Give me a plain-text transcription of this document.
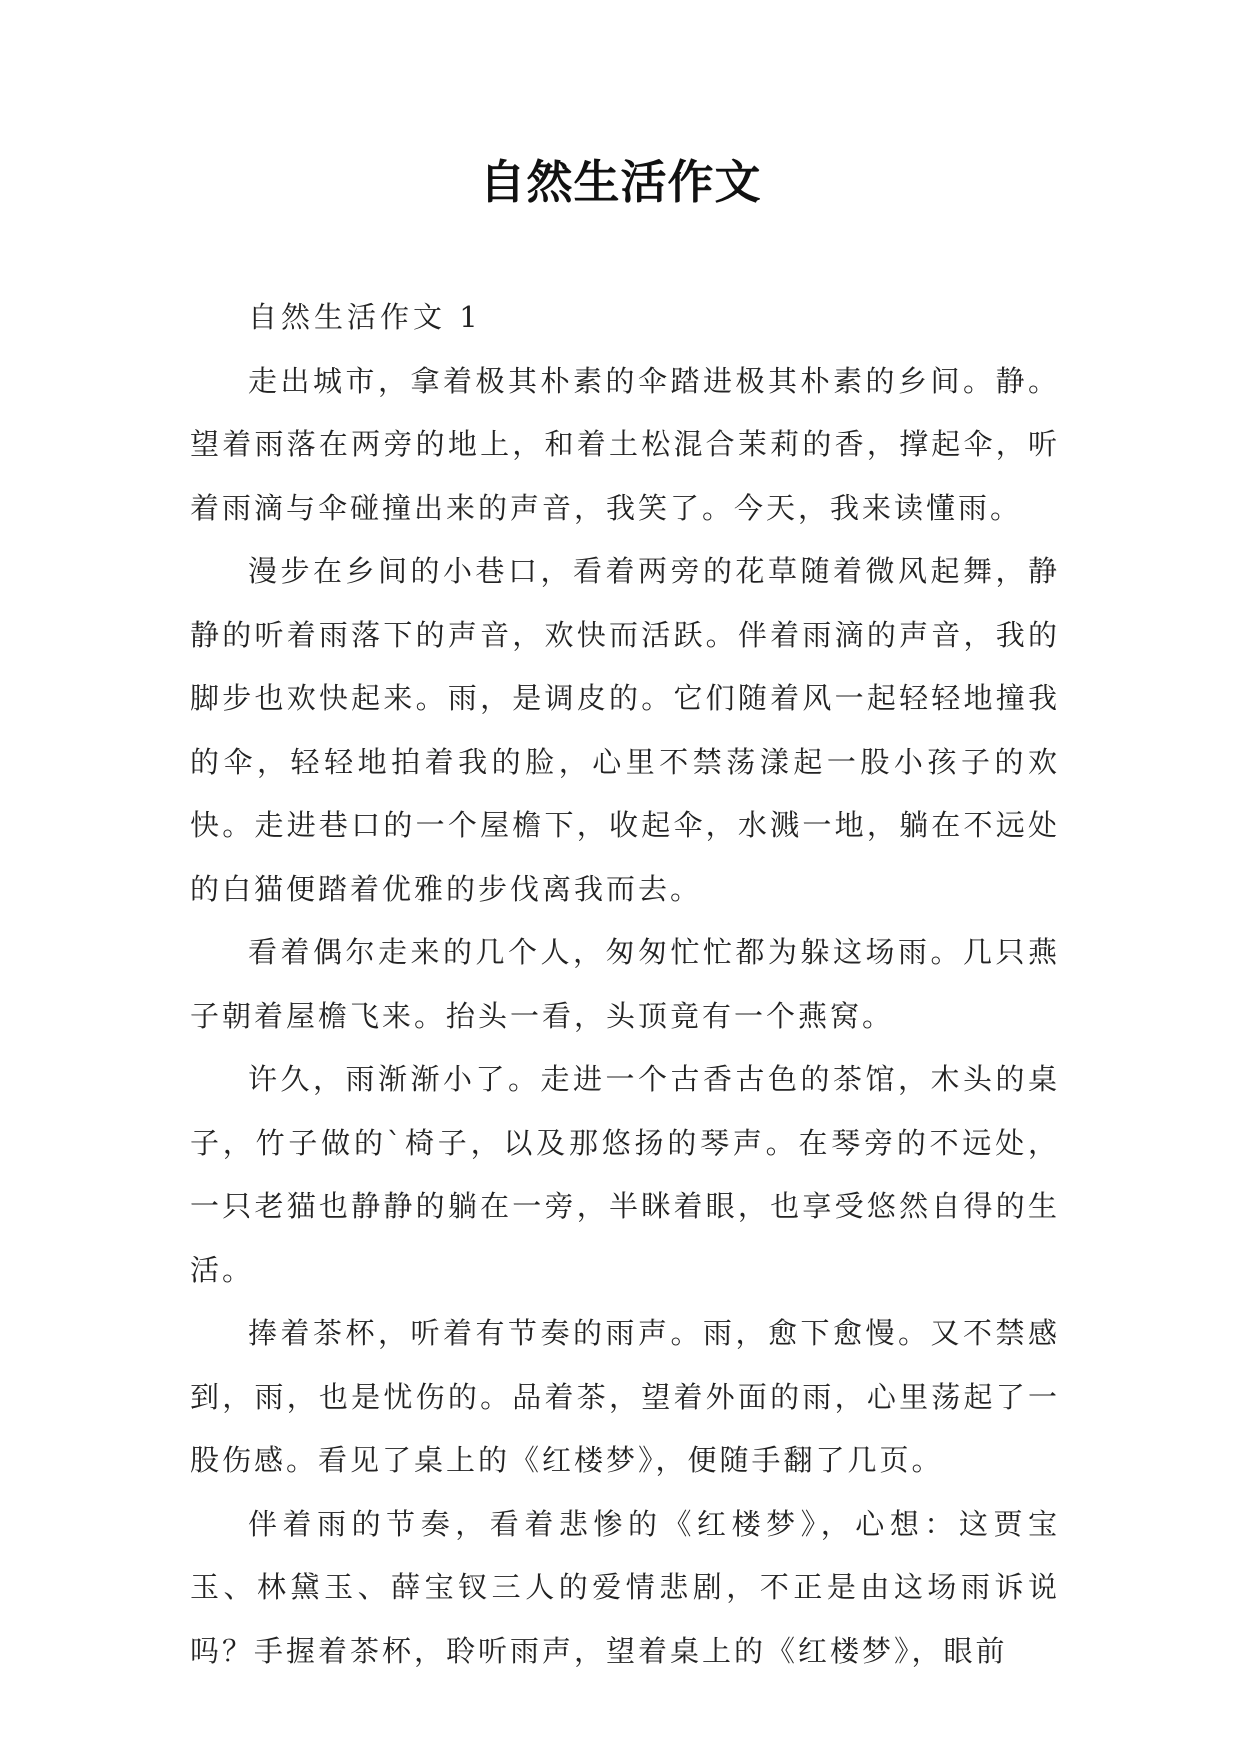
自然生活作文

自然生活作文 1

走出城市，拿着极其朴素的伞踏进极其朴素的乡间。静。望着雨落在两旁的地上，和着土松混合茉莉的香，撑起伞，听着雨滴与伞碰撞出来的声音，我笑了。今天，我来读懂雨。

漫步在乡间的小巷口，看着两旁的花草随着微风起舞，静静的听着雨落下的声音，欢快而活跃。伴着雨滴的声音，我的脚步也欢快起来。雨，是调皮的。它们随着风一起轻轻地撞我的伞，轻轻地拍着我的脸，心里不禁荡漾起一股小孩子的欢快。走进巷口的一个屋檐下，收起伞，水溅一地，躺在不远处的白猫便踏着优雅的步伐离我而去。

看着偶尔走来的几个人，匆匆忙忙都为躲这场雨。几只燕子朝着屋檐飞来。抬头一看，头顶竟有一个燕窝。

许久，雨渐渐小了。走进一个古香古色的茶馆，木头的桌子，竹子做的`椅子，以及那悠扬的琴声。在琴旁的不远处，一只老猫也静静的躺在一旁，半眯着眼，也享受悠然自得的生活。

捧着茶杯，听着有节奏的雨声。雨，愈下愈慢。又不禁感到，雨，也是忧伤的。品着茶，望着外面的雨，心里荡起了一股伤感。看见了桌上的《红楼梦》，便随手翻了几页。

伴着雨的节奏，看着悲惨的《红楼梦》，心想：这贾宝玉、林黛玉、薛宝钗三人的爱情悲剧，不正是由这场雨诉说吗？手握着茶杯，聆听雨声，望着桌上的《红楼梦》，眼前
